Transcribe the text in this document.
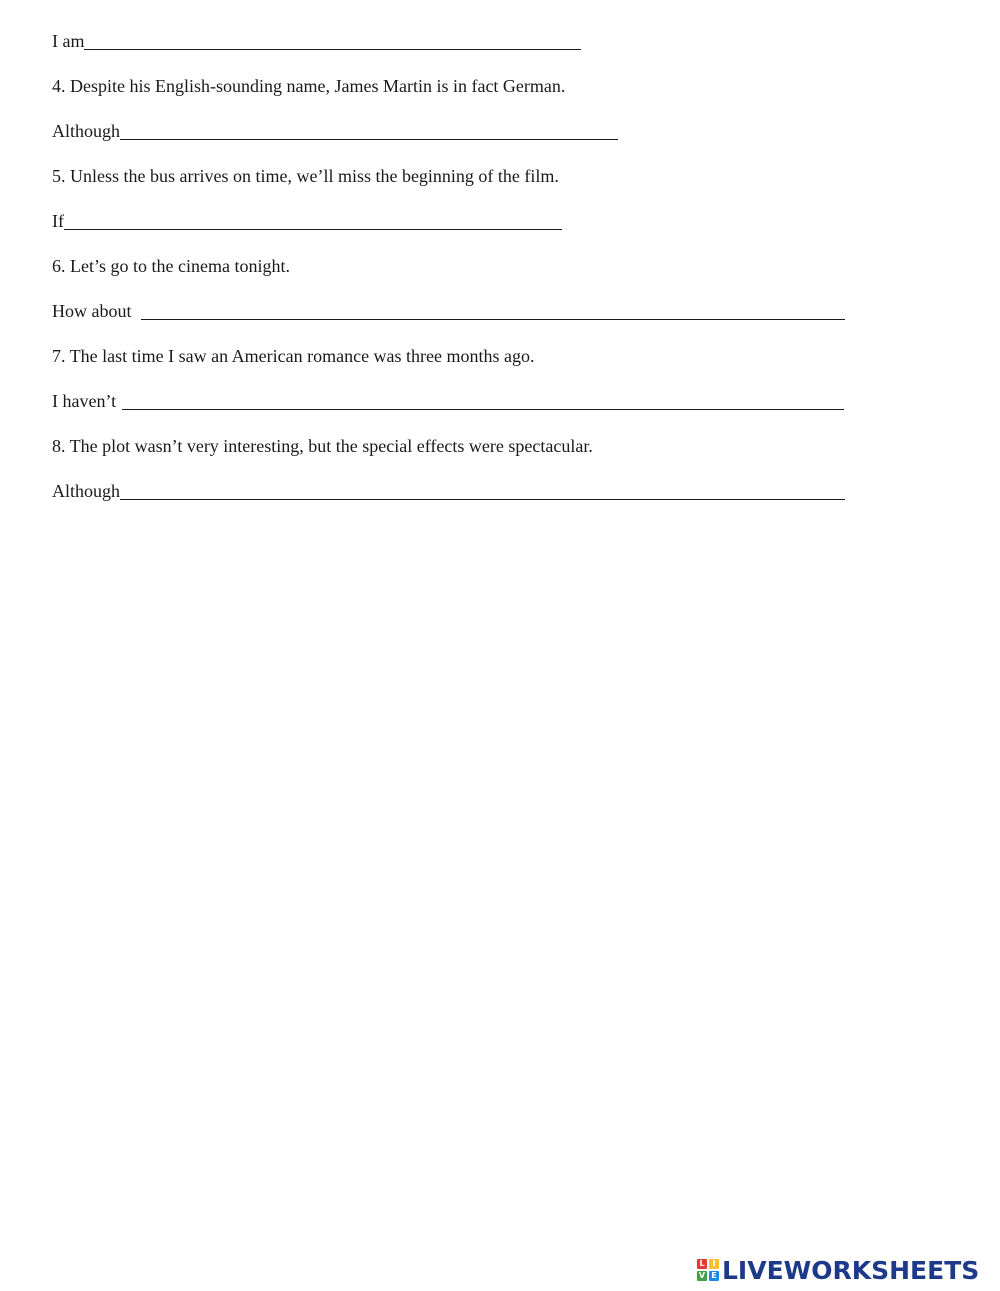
I am
4. Despite his English-sounding name, James Martin is in fact German.
Although
5. Unless the bus arrives on time, we’ll miss the beginning of the film.
If
6. Let’s go to the cinema tonight.
How about
7. The last time I saw an American romance was three months ago.
I haven’t
8. The plot wasn’t very interesting, but the special effects were spectacular.
Although
L I
V E LIVEWORKSHEETS
